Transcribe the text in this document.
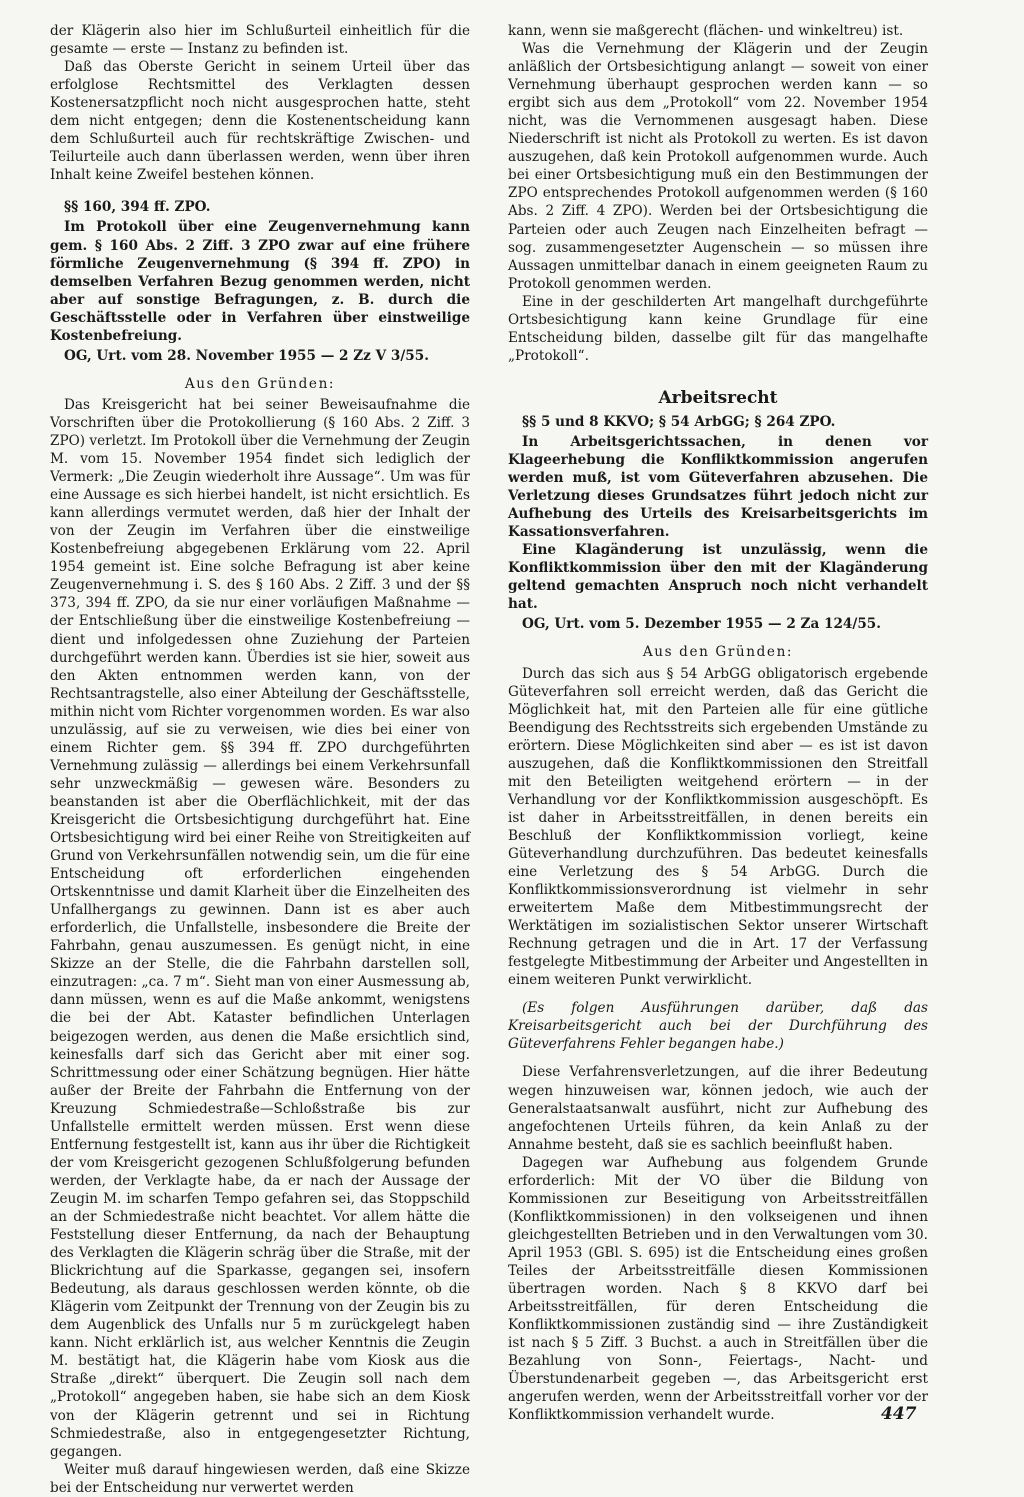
der Klägerin also hier im Schlußurteil einheitlich für die gesamte — erste — Instanz zu befinden ist.

Daß das Oberste Gericht in seinem Urteil über das erfolglose Rechtsmittel des Verklagten dessen Kostenersatzpflicht noch nicht ausgesprochen hatte, steht dem nicht entgegen; denn die Kostenentscheidung kann dem Schlußurteil auch für rechtskräftige Zwischen- und Teilurteile auch dann überlassen werden, wenn über ihren Inhalt keine Zweifel bestehen können.

§§ 160, 394 ff. ZPO.

Im Protokoll über eine Zeugenvernehmung kann gem. § 160 Abs. 2 Ziff. 3 ZPO zwar auf eine frühere förmliche Zeugenvernehmung (§ 394 ff. ZPO) in demselben Verfahren Bezug genommen werden, nicht aber auf sonstige Befragungen, z. B. durch die Geschäftsstelle oder in Verfahren über einstweilige Kostenbefreiung.

OG, Urt. vom 28. November 1955 — 2 Zz V 3/55.

Aus den Gründen:

Das Kreisgericht hat bei seiner Beweisaufnahme die Vorschriften über die Protokollierung (§ 160 Abs. 2 Ziff. 3 ZPO) verletzt. Im Protokoll über die Vernehmung der Zeugin M. vom 15. November 1954 findet sich lediglich der Vermerk: „Die Zeugin wiederholt ihre Aussage“. Um was für eine Aussage es sich hierbei handelt, ist nicht ersichtlich. Es kann allerdings vermutet werden, daß hier der Inhalt der von der Zeugin im Verfahren über die einstweilige Kostenbefreiung abgegebenen Erklärung vom 22. April 1954 gemeint ist. Eine solche Befragung ist aber keine Zeugenvernehmung i. S. des § 160 Abs. 2 Ziff. 3 und der §§ 373, 394 ff. ZPO, da sie nur einer vorläufigen Maßnahme — der Entschließung über die einstweilige Kostenbefreiung — dient und infolgedessen ohne Zuziehung der Parteien durchgeführt werden kann. Überdies ist sie hier, soweit aus den Akten entnommen werden kann, von der Rechtsantragstelle, also einer Abteilung der Geschäftsstelle, mithin nicht vom Richter vorgenommen worden. Es war also unzulässig, auf sie zu verweisen, wie dies bei einer von einem Richter gem. §§ 394 ff. ZPO durchgeführten Vernehmung zulässig — allerdings bei einem Verkehrsunfall sehr unzweckmäßig — gewesen wäre. Besonders zu beanstanden ist aber die Oberflächlichkeit, mit der das Kreisgericht die Ortsbesichtigung durchgeführt hat. Eine Ortsbesichtigung wird bei einer Reihe von Streitigkeiten auf Grund von Verkehrsunfällen notwendig sein, um die für eine Entscheidung oft erforderlichen eingehenden Ortskenntnisse und damit Klarheit über die Einzelheiten des Unfallhergangs zu gewinnen. Dann ist es aber auch erforderlich, die Unfallstelle, insbesondere die Breite der Fahrbahn, genau auszumessen. Es genügt nicht, in eine Skizze an der Stelle, die die Fahrbahn darstellen soll, einzutragen: „ca. 7 m“. Sieht man von einer Ausmessung ab, dann müssen, wenn es auf die Maße ankommt, wenigstens die bei der Abt. Kataster befindlichen Unterlagen beigezogen werden, aus denen die Maße ersichtlich sind, keinesfalls darf sich das Gericht aber mit einer sog. Schrittmessung oder einer Schätzung begnügen. Hier hätte außer der Breite der Fahrbahn die Entfernung von der Kreuzung Schmiedestraße—Schloßstraße bis zur Unfallstelle ermittelt werden müssen. Erst wenn diese Entfernung festgestellt ist, kann aus ihr über die Richtigkeit der vom Kreisgericht gezogenen Schlußfolgerung befunden werden, der Verklagte habe, da er nach der Aussage der Zeugin M. im scharfen Tempo gefahren sei, das Stoppschild an der Schmiedestraße nicht beachtet. Vor allem hätte die Feststellung dieser Entfernung, da nach der Behauptung des Verklagten die Klägerin schräg über die Straße, mit der Blickrichtung auf die Sparkasse, gegangen sei, insofern Bedeutung, als daraus geschlossen werden könnte, ob die Klägerin vom Zeitpunkt der Trennung von der Zeugin bis zu dem Augenblick des Unfalls nur 5 m zurückgelegt haben kann. Nicht erklärlich ist, aus welcher Kenntnis die Zeugin M. bestätigt hat, die Klägerin habe vom Kiosk aus die Straße „direkt“ überquert. Die Zeugin soll nach dem „Protokoll“ angegeben haben, sie habe sich an dem Kiosk von der Klägerin getrennt und sei in Richtung Schmiedestraße, also in entgegengesetzter Richtung, gegangen.

Weiter muß darauf hingewiesen werden, daß eine Skizze bei der Entscheidung nur verwertet werden

kann, wenn sie maßgerecht (flächen- und winkeltreu) ist.

Was die Vernehmung der Klägerin und der Zeugin anläßlich der Ortsbesichtigung anlangt — soweit von einer Vernehmung überhaupt gesprochen werden kann — so ergibt sich aus dem „Protokoll“ vom 22. November 1954 nicht, was die Vernommenen ausgesagt haben. Diese Niederschrift ist nicht als Protokoll zu werten. Es ist davon auszugehen, daß kein Protokoll aufgenommen wurde. Auch bei einer Ortsbesichtigung muß ein den Bestimmungen der ZPO entsprechendes Protokoll aufgenommen werden (§ 160 Abs. 2 Ziff. 4 ZPO). Werden bei der Ortsbesichtigung die Parteien oder auch Zeugen nach Einzelheiten befragt — sog. zusammengesetzter Augenschein — so müssen ihre Aussagen unmittelbar danach in einem geeigneten Raum zu Protokoll genommen werden.

Eine in der geschilderten Art mangelhaft durchgeführte Ortsbesichtigung kann keine Grundlage für eine Entscheidung bilden, dasselbe gilt für das mangelhafte „Protokoll“.

Arbeitsrecht
§§ 5 und 8 KKVO; § 54 ArbGG; § 264 ZPO.

In Arbeitsgerichtssachen, in denen vor Klageerhebung die Konfliktkommission angerufen werden muß, ist vom Güteverfahren abzusehen. Die Verletzung dieses Grundsatzes führt jedoch nicht zur Aufhebung des Urteils des Kreisarbeitsgerichts im Kassationsverfahren.

Eine Klagänderung ist unzulässig, wenn die Konfliktkommission über den mit der Klagänderung geltend gemachten Anspruch noch nicht verhandelt hat.

OG, Urt. vom 5. Dezember 1955 — 2 Za 124/55.

Aus den Gründen:

Durch das sich aus § 54 ArbGG obligatorisch ergebende Güteverfahren soll erreicht werden, daß das Gericht die Möglichkeit hat, mit den Parteien alle für eine gütliche Beendigung des Rechtsstreits sich ergebenden Umstände zu erörtern. Diese Möglichkeiten sind aber — es ist ist davon auszugehen, daß die Konfliktkommissionen den Streitfall mit den Beteiligten weitgehend erörtern — in der Verhandlung vor der Konfliktkommission ausgeschöpft. Es ist daher in Arbeitsstreitfällen, in denen bereits ein Beschluß der Konfliktkommission vorliegt, keine Güteverhandlung durchzuführen. Das bedeutet keinesfalls eine Verletzung des § 54 ArbGG. Durch die Konfliktkommissionsverordnung ist vielmehr in sehr erweitertem Maße dem Mitbestimmungsrecht der Werktätigen im sozialistischen Sektor unserer Wirtschaft Rechnung getragen und die in Art. 17 der Verfassung festgelegte Mitbestimmung der Arbeiter und Angestellten in einem weiteren Punkt verwirklicht.

(Es folgen Ausführungen darüber, daß das Kreisarbeitsgericht auch bei der Durchführung des Güteverfahrens Fehler begangen habe.)

Diese Verfahrensverletzungen, auf die ihrer Bedeutung wegen hinzuweisen war, können jedoch, wie auch der Generalstaatsanwalt ausführt, nicht zur Aufhebung des angefochtenen Urteils führen, da kein Anlaß zu der Annahme besteht, daß sie es sachlich beeinflußt haben.

Dagegen war Aufhebung aus folgendem Grunde erforderlich: Mit der VO über die Bildung von Kommissionen zur Beseitigung von Arbeitsstreitfällen (Konfliktkommissionen) in den volkseigenen und ihnen gleichgestellten Betrieben und in den Verwaltungen vom 30. April 1953 (GBl. S. 695) ist die Entscheidung eines großen Teiles der Arbeitsstreitfälle diesen Kommissionen übertragen worden. Nach § 8 KKVO darf bei Arbeitsstreitfällen, für deren Entscheidung die Konfliktkommissionen zuständig sind — ihre Zuständigkeit ist nach § 5 Ziff. 3 Buchst. a auch in Streitfällen über die Bezahlung von Sonn-, Feiertags-, Nacht- und Überstundenarbeit gegeben —, das Arbeitsgericht erst angerufen werden, wenn der Arbeitsstreitfall vorher vor der Konfliktkommission verhandelt wurde.	447
